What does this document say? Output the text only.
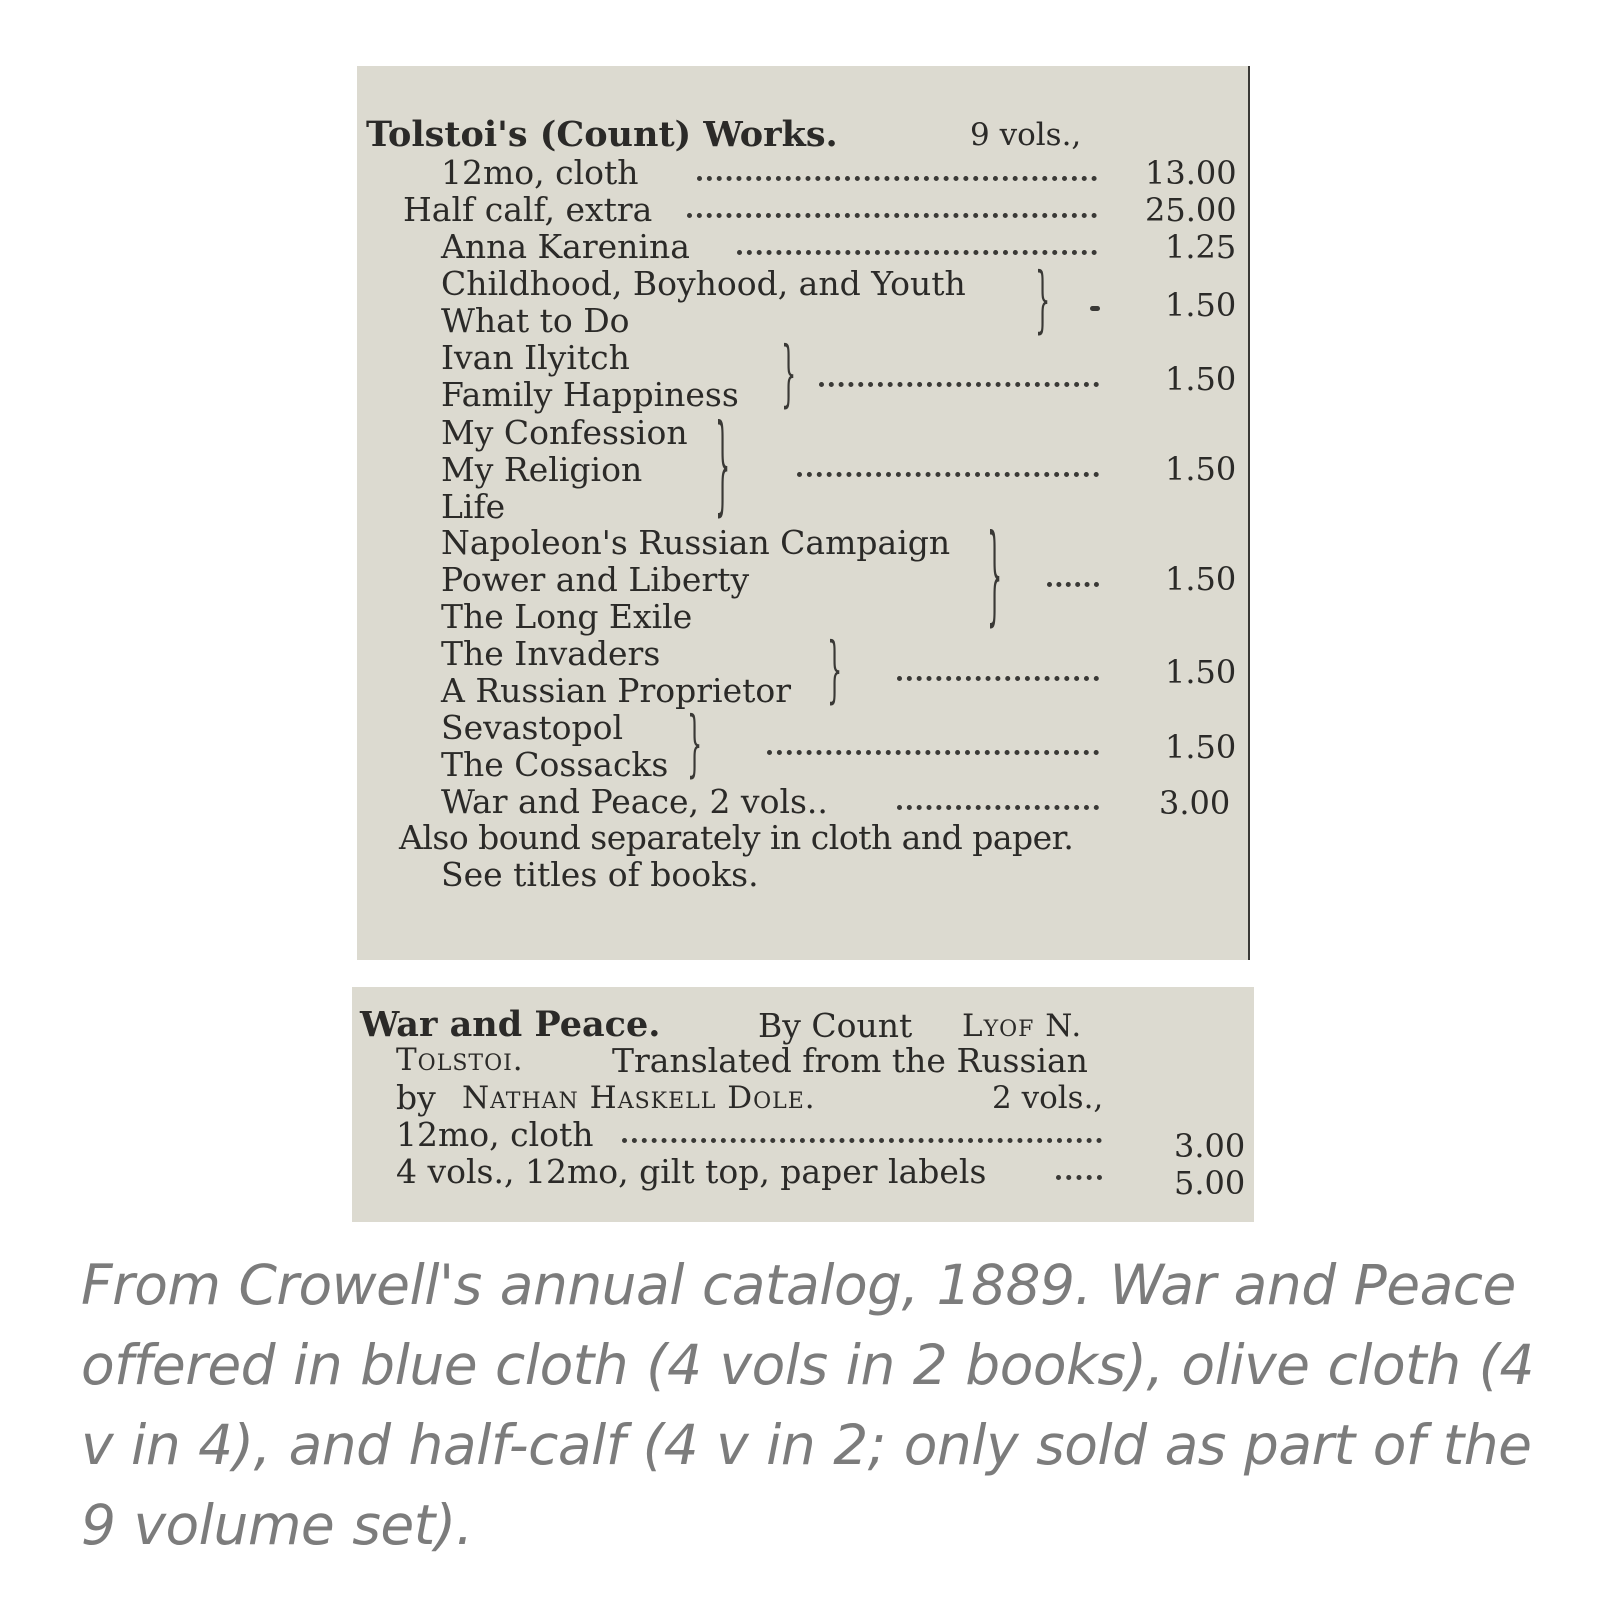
Tolstoi's (Count) Works.	9 vols.,
12mo, cloth	13.00
Half calf, extra	25.00
Anna Karenina	1.25
Childhood, Boyhood, and Youth
What to Do	}	1.50
Ivan Ilyitch
Family Happiness }	1.50
My Confession
My Religion
Life	}	1.50
Napoleon's Russian Campaign
Power and Liberty
The Long Exile	}	1.50
The Invaders
A Russian Proprietor }	1.50
Sevastopol
The Cossacks }	1.50
War and Peace, 2 vols..	3.00
Also bound separately in cloth and paper.
See titles of books.
War and Peace.	By Count Lyof N.
Tolstoi.	Translated from the Russian
by Nathan Haskell Dole.	2 vols.,
12mo, cloth	3.00
4 vols., 12mo, gilt top, paper labels	5.00
From Crowell's annual catalog, 1889. War and Peace offered in blue cloth (4 vols in 2 books), olive cloth (4 v in 4), and half-calf (4 v in 2; only sold as part of the 9 volume set).
